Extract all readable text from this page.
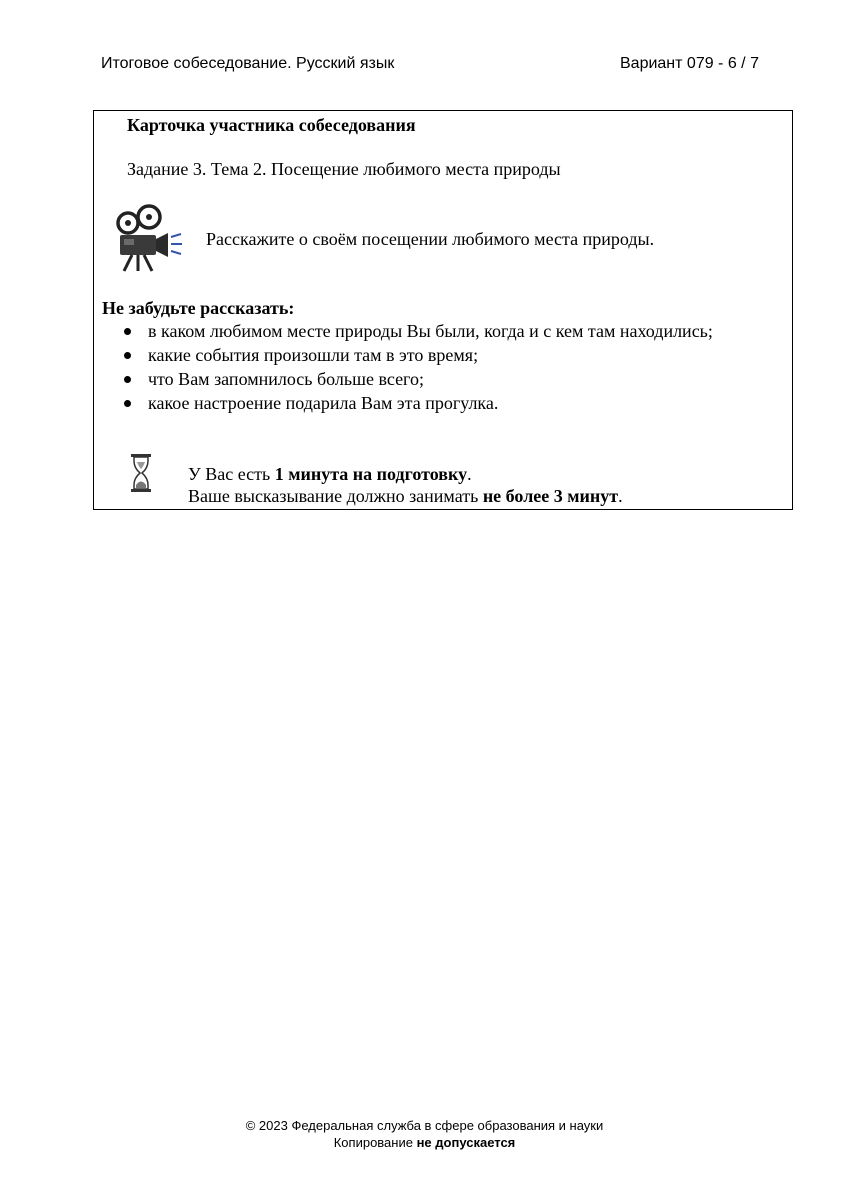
Итоговое собеседование. Русский язык	Вариант 079 - 6 / 7
Карточка участника собеседования
Задание 3. Тема 2. Посещение любимого места природы
Расскажите о своём посещении любимого места природы.
Не забудьте рассказать:
в каком любимом месте природы Вы были, когда и с кем там находились;
какие события произошли там в это время;
что Вам запомнилось больше всего;
какое настроение подарила Вам эта прогулка.
У Вас есть 1 минута на подготовку.
Ваше высказывание должно занимать не более 3 минут.
© 2023 Федеральная служба в сфере образования и науки
Копирование не допускается
